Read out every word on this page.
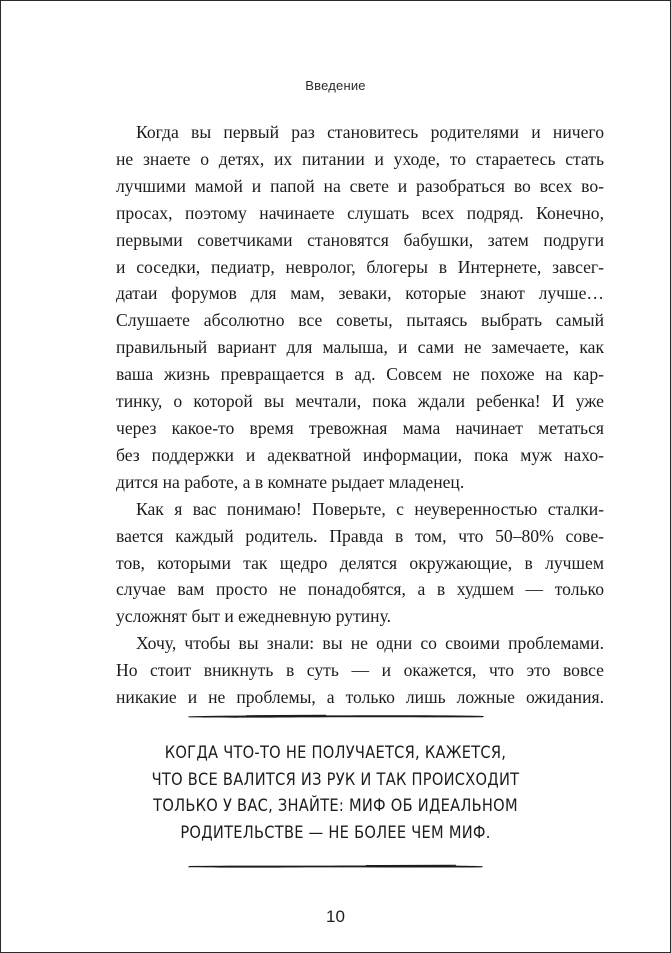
Введение
Когда вы первый раз становитесь родителями и ничего
не знаете о детях, их питании и уходе, то стараетесь стать
лучшими мамой и папой на свете и разобраться во всех во-
просах, поэтому начинаете слушать всех подряд. Конечно,
первыми советчиками становятся бабушки, затем подруги
и соседки, педиатр, невролог, блогеры в Интернете, завсег-
датаи форумов для мам, зеваки, которые знают лучше…
Слушаете абсолютно все советы, пытаясь выбрать самый
правильный вариант для малыша, и сами не замечаете, как
ваша жизнь превращается в ад. Совсем не похоже на кар-
тинку, о которой вы мечтали, пока ждали ребенка! И уже
через какое-то время тревожная мама начинает метаться
без поддержки и адекватной информации, пока муж нахо-
дится на работе, а в комнате рыдает младенец.
Как я вас понимаю! Поверьте, с неуверенностью сталки-
вается каждый родитель. Правда в том, что 50–80% сове-
тов, которыми так щедро делятся окружающие, в лучшем
случае вам просто не понадобятся, а в худшем — только
усложнят быт и ежедневную рутину.
Хочу, чтобы вы знали: вы не одни со своими проблемами.
Но стоит вникнуть в суть — и окажется, что это вовсе
никакие и не проблемы, а только лишь ложные ожидания.
КОГДА ЧТО-ТО НЕ ПОЛУЧАЕТСЯ, КАЖЕТСЯ,
ЧТО ВСЕ ВАЛИТСЯ ИЗ РУК И ТАК ПРОИСХОДИТ
ТОЛЬКО У ВАС, ЗНАЙТЕ: МИФ ОБ ИДЕАЛЬНОМ
РОДИТЕЛЬСТВЕ — НЕ БОЛЕЕ ЧЕМ МИФ.
10
